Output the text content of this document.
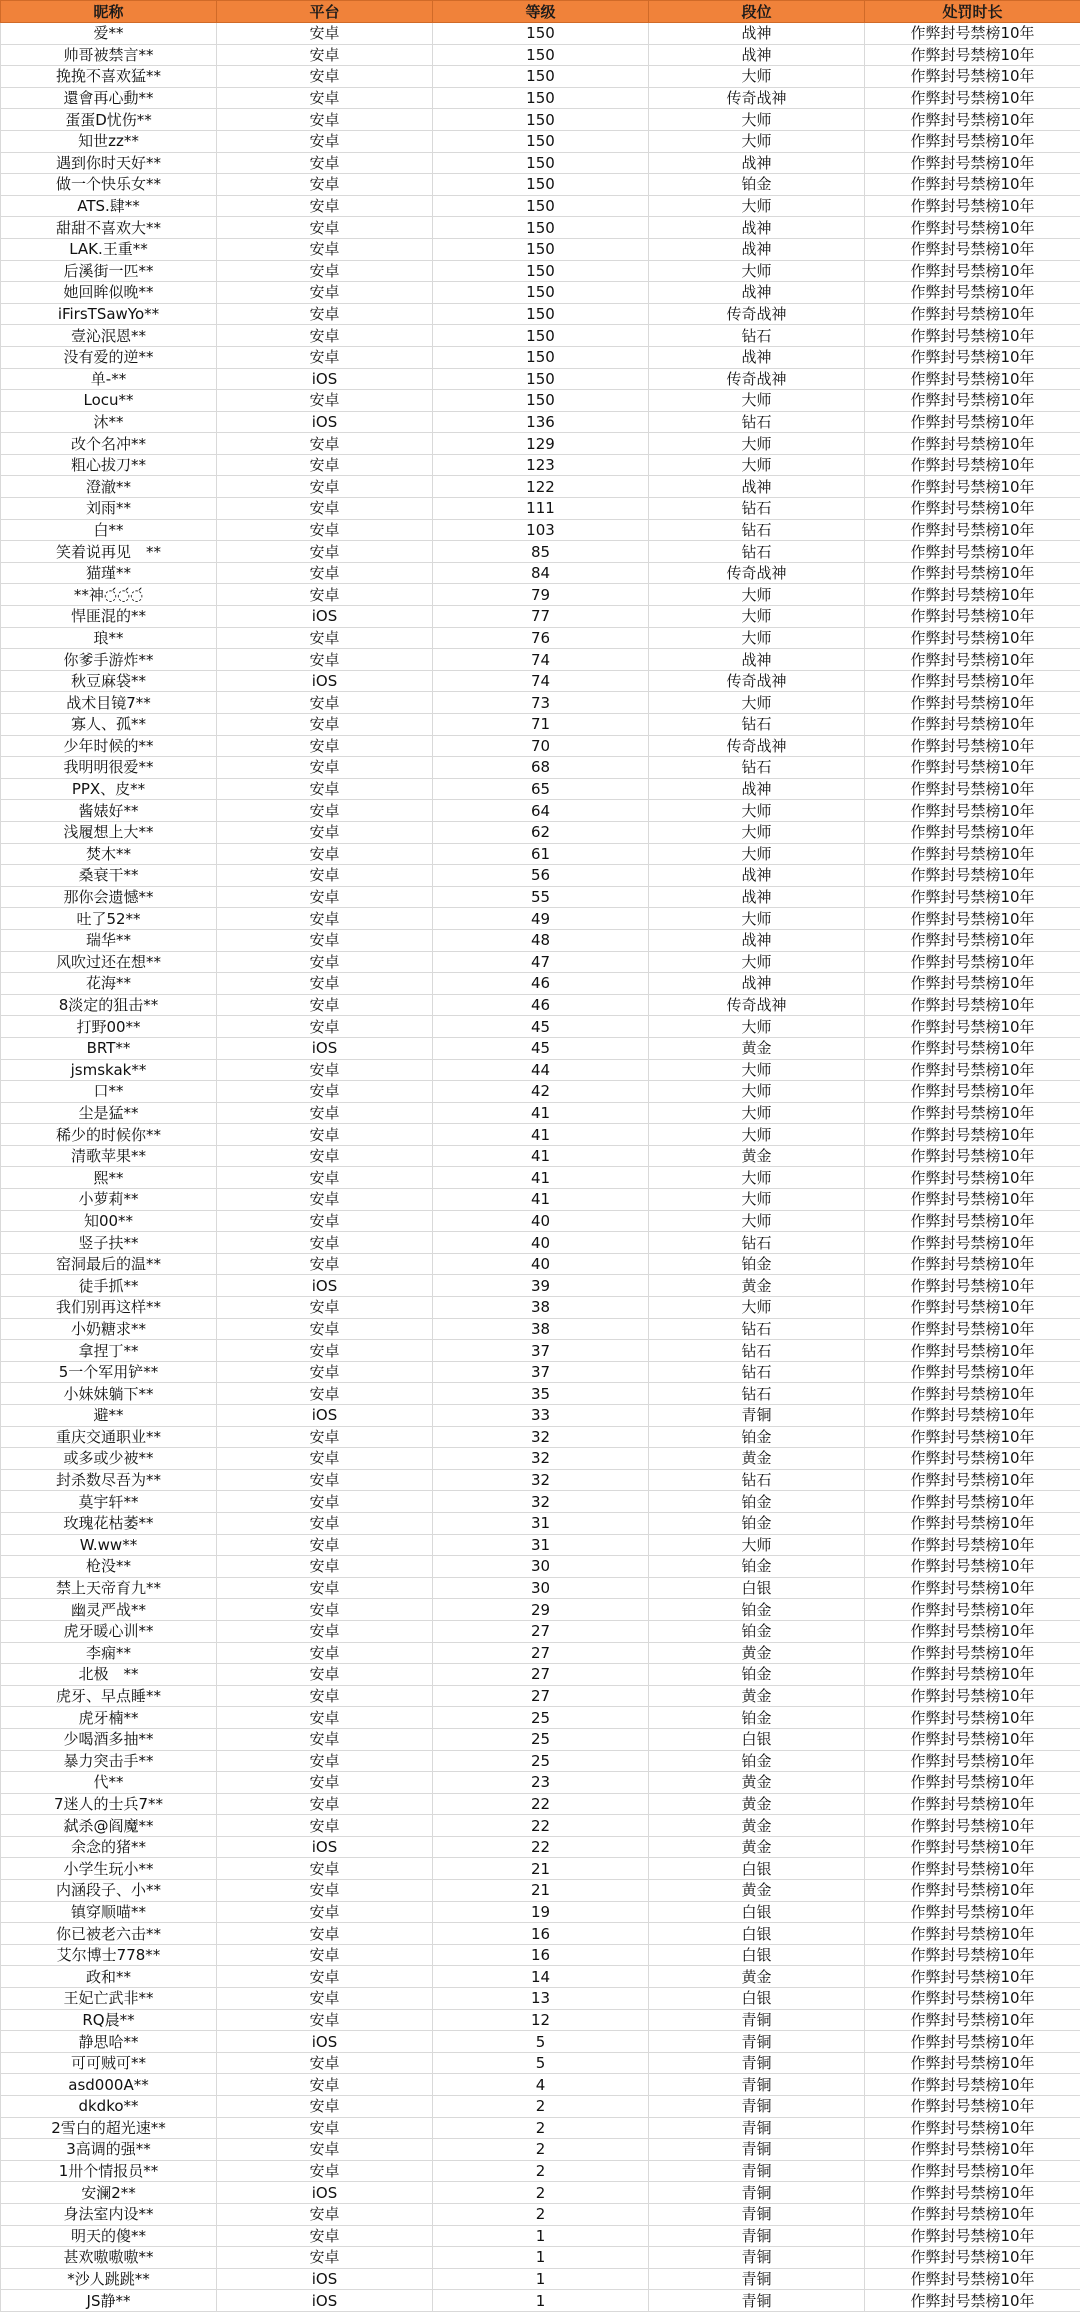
昵称	平台	等级	段位	处罚时长
爱**	安卓	150	战神	作弊封号禁榜10年
帅哥被禁言**	安卓	150	战神	作弊封号禁榜10年
挽挽不喜欢猛**	安卓	150	大师	作弊封号禁榜10年
還會再心動**	安卓	150	传奇战神	作弊封号禁榜10年
蛋蛋D忧伤**	安卓	150	大师	作弊封号禁榜10年
知世zz**	安卓	150	大师	作弊封号禁榜10年
遇到你时天好**	安卓	150	战神	作弊封号禁榜10年
做一个快乐女**	安卓	150	铂金	作弊封号禁榜10年
ATS.肆**	安卓	150	大师	作弊封号禁榜10年
甜甜不喜欢大**	安卓	150	战神	作弊封号禁榜10年
LAK.王重**	安卓	150	战神	作弊封号禁榜10年
后溪街一匹**	安卓	150	大师	作弊封号禁榜10年
她回眸似晚**	安卓	150	战神	作弊封号禁榜10年
iFirsTSawYo**	安卓	150	传奇战神	作弊封号禁榜10年
壹沁泯恩**	安卓	150	钻石	作弊封号禁榜10年
没有爱的逆**	安卓	150	战神	作弊封号禁榜10年
单-**	iOS	150	传奇战神	作弊封号禁榜10年
Locu**	安卓	150	大师	作弊封号禁榜10年
沐**	iOS	136	钻石	作弊封号禁榜10年
改个名冲**	安卓	129	大师	作弊封号禁榜10年
粗心拔刀**	安卓	123	大师	作弊封号禁榜10年
澄澈**	安卓	122	战神	作弊封号禁榜10年
刘雨**	安卓	111	钻石	作弊封号禁榜10年
白**	安卓	103	钻石	作弊封号禁榜10年
笑着说再见　**	安卓	85	钻石	作弊封号禁榜10年
猫瑾**	安卓	84	传奇战神	作弊封号禁榜10年
**神◌́◌́◌́	安卓	79	大师	作弊封号禁榜10年
悍匪混的**	iOS	77	大师	作弊封号禁榜10年
琅**	安卓	76	大师	作弊封号禁榜10年
你爹手游炸**	安卓	74	战神	作弊封号禁榜10年
秋豆麻袋**	iOS	74	传奇战神	作弊封号禁榜10年
战术目镜7**	安卓	73	大师	作弊封号禁榜10年
寡人、孤**	安卓	71	钻石	作弊封号禁榜10年
少年时候的**	安卓	70	传奇战神	作弊封号禁榜10年
我明明很爱**	安卓	68	钻石	作弊封号禁榜10年
PPX、皮**	安卓	65	战神	作弊封号禁榜10年
酱婊好**	安卓	64	大师	作弊封号禁榜10年
浅履想上大**	安卓	62	大师	作弊封号禁榜10年
焚木**	安卓	61	大师	作弊封号禁榜10年
桑衰干**	安卓	56	战神	作弊封号禁榜10年
那你会遗憾**	安卓	55	战神	作弊封号禁榜10年
吐了52**	安卓	49	大师	作弊封号禁榜10年
瑞华**	安卓	48	战神	作弊封号禁榜10年
风吹过还在想**	安卓	47	大师	作弊封号禁榜10年
花海**	安卓	46	战神	作弊封号禁榜10年
8淡定的狙击**	安卓	46	传奇战神	作弊封号禁榜10年
打野00**	安卓	45	大师	作弊封号禁榜10年
BRT**	iOS	45	黄金	作弊封号禁榜10年
jsmskak**	安卓	44	大师	作弊封号禁榜10年
口**	安卓	42	大师	作弊封号禁榜10年
尘是猛**	安卓	41	大师	作弊封号禁榜10年
稀少的时候你**	安卓	41	大师	作弊封号禁榜10年
清歌苹果**	安卓	41	黄金	作弊封号禁榜10年
熙**	安卓	41	大师	作弊封号禁榜10年
小萝莉**	安卓	41	大师	作弊封号禁榜10年
知00**	安卓	40	大师	作弊封号禁榜10年
竖子扶**	安卓	40	钻石	作弊封号禁榜10年
窑洞最后的温**	安卓	40	铂金	作弊封号禁榜10年
徒手抓**	iOS	39	黄金	作弊封号禁榜10年
我们别再这样**	安卓	38	大师	作弊封号禁榜10年
小奶糖求**	安卓	38	钻石	作弊封号禁榜10年
拿捏丁**	安卓	37	钻石	作弊封号禁榜10年
5一个军用铲**	安卓	37	钻石	作弊封号禁榜10年
小妹妹躺下**	安卓	35	钻石	作弊封号禁榜10年
避**	iOS	33	青铜	作弊封号禁榜10年
重庆交通职业**	安卓	32	铂金	作弊封号禁榜10年
或多或少被**	安卓	32	黄金	作弊封号禁榜10年
封杀数尽吾为**	安卓	32	钻石	作弊封号禁榜10年
莫宇轩**	安卓	32	铂金	作弊封号禁榜10年
玫瑰花枯萎**	安卓	31	铂金	作弊封号禁榜10年
W.ww**	安卓	31	大师	作弊封号禁榜10年
枪没**	安卓	30	铂金	作弊封号禁榜10年
禁上天帝育九**	安卓	30	白银	作弊封号禁榜10年
幽灵严战**	安卓	29	铂金	作弊封号禁榜10年
虎牙暖心训**	安卓	27	铂金	作弊封号禁榜10年
李痫**	安卓	27	黄金	作弊封号禁榜10年
北极　**	安卓	27	铂金	作弊封号禁榜10年
虎牙、早点睡**	安卓	27	黄金	作弊封号禁榜10年
虎牙楠**	安卓	25	铂金	作弊封号禁榜10年
少喝酒多抽**	安卓	25	白银	作弊封号禁榜10年
暴力突击手**	安卓	25	铂金	作弊封号禁榜10年
代**	安卓	23	黄金	作弊封号禁榜10年
7迷人的士兵7**	安卓	22	黄金	作弊封号禁榜10年
弑杀@阎魔**	安卓	22	黄金	作弊封号禁榜10年
余念的猪**	iOS	22	黄金	作弊封号禁榜10年
小学生玩小**	安卓	21	白银	作弊封号禁榜10年
内涵段子、小**	安卓	21	黄金	作弊封号禁榜10年
镇穿顺喵**	安卓	19	白银	作弊封号禁榜10年
你已被老六击**	安卓	16	白银	作弊封号禁榜10年
艾尔博士778**	安卓	16	白银	作弊封号禁榜10年
政和**	安卓	14	黄金	作弊封号禁榜10年
王妃亡武非**	安卓	13	白银	作弊封号禁榜10年
RQ晨**	安卓	12	青铜	作弊封号禁榜10年
静思哈**	iOS	5	青铜	作弊封号禁榜10年
可可贼可**	安卓	5	青铜	作弊封号禁榜10年
asd000A**	安卓	4	青铜	作弊封号禁榜10年
dkdko**	安卓	2	青铜	作弊封号禁榜10年
2雪白的超光速**	安卓	2	青铜	作弊封号禁榜10年
3高调的强**	安卓	2	青铜	作弊封号禁榜10年
1卅个情报员**	安卓	2	青铜	作弊封号禁榜10年
安澜2**	iOS	2	青铜	作弊封号禁榜10年
身法室内设**	安卓	2	青铜	作弊封号禁榜10年
明天的傻**	安卓	1	青铜	作弊封号禁榜10年
甚欢嗷嗷嗷**	安卓	1	青铜	作弊封号禁榜10年
*沙人跳跳**	iOS	1	青铜	作弊封号禁榜10年
JS静**	iOS	1	青铜	作弊封号禁榜10年
